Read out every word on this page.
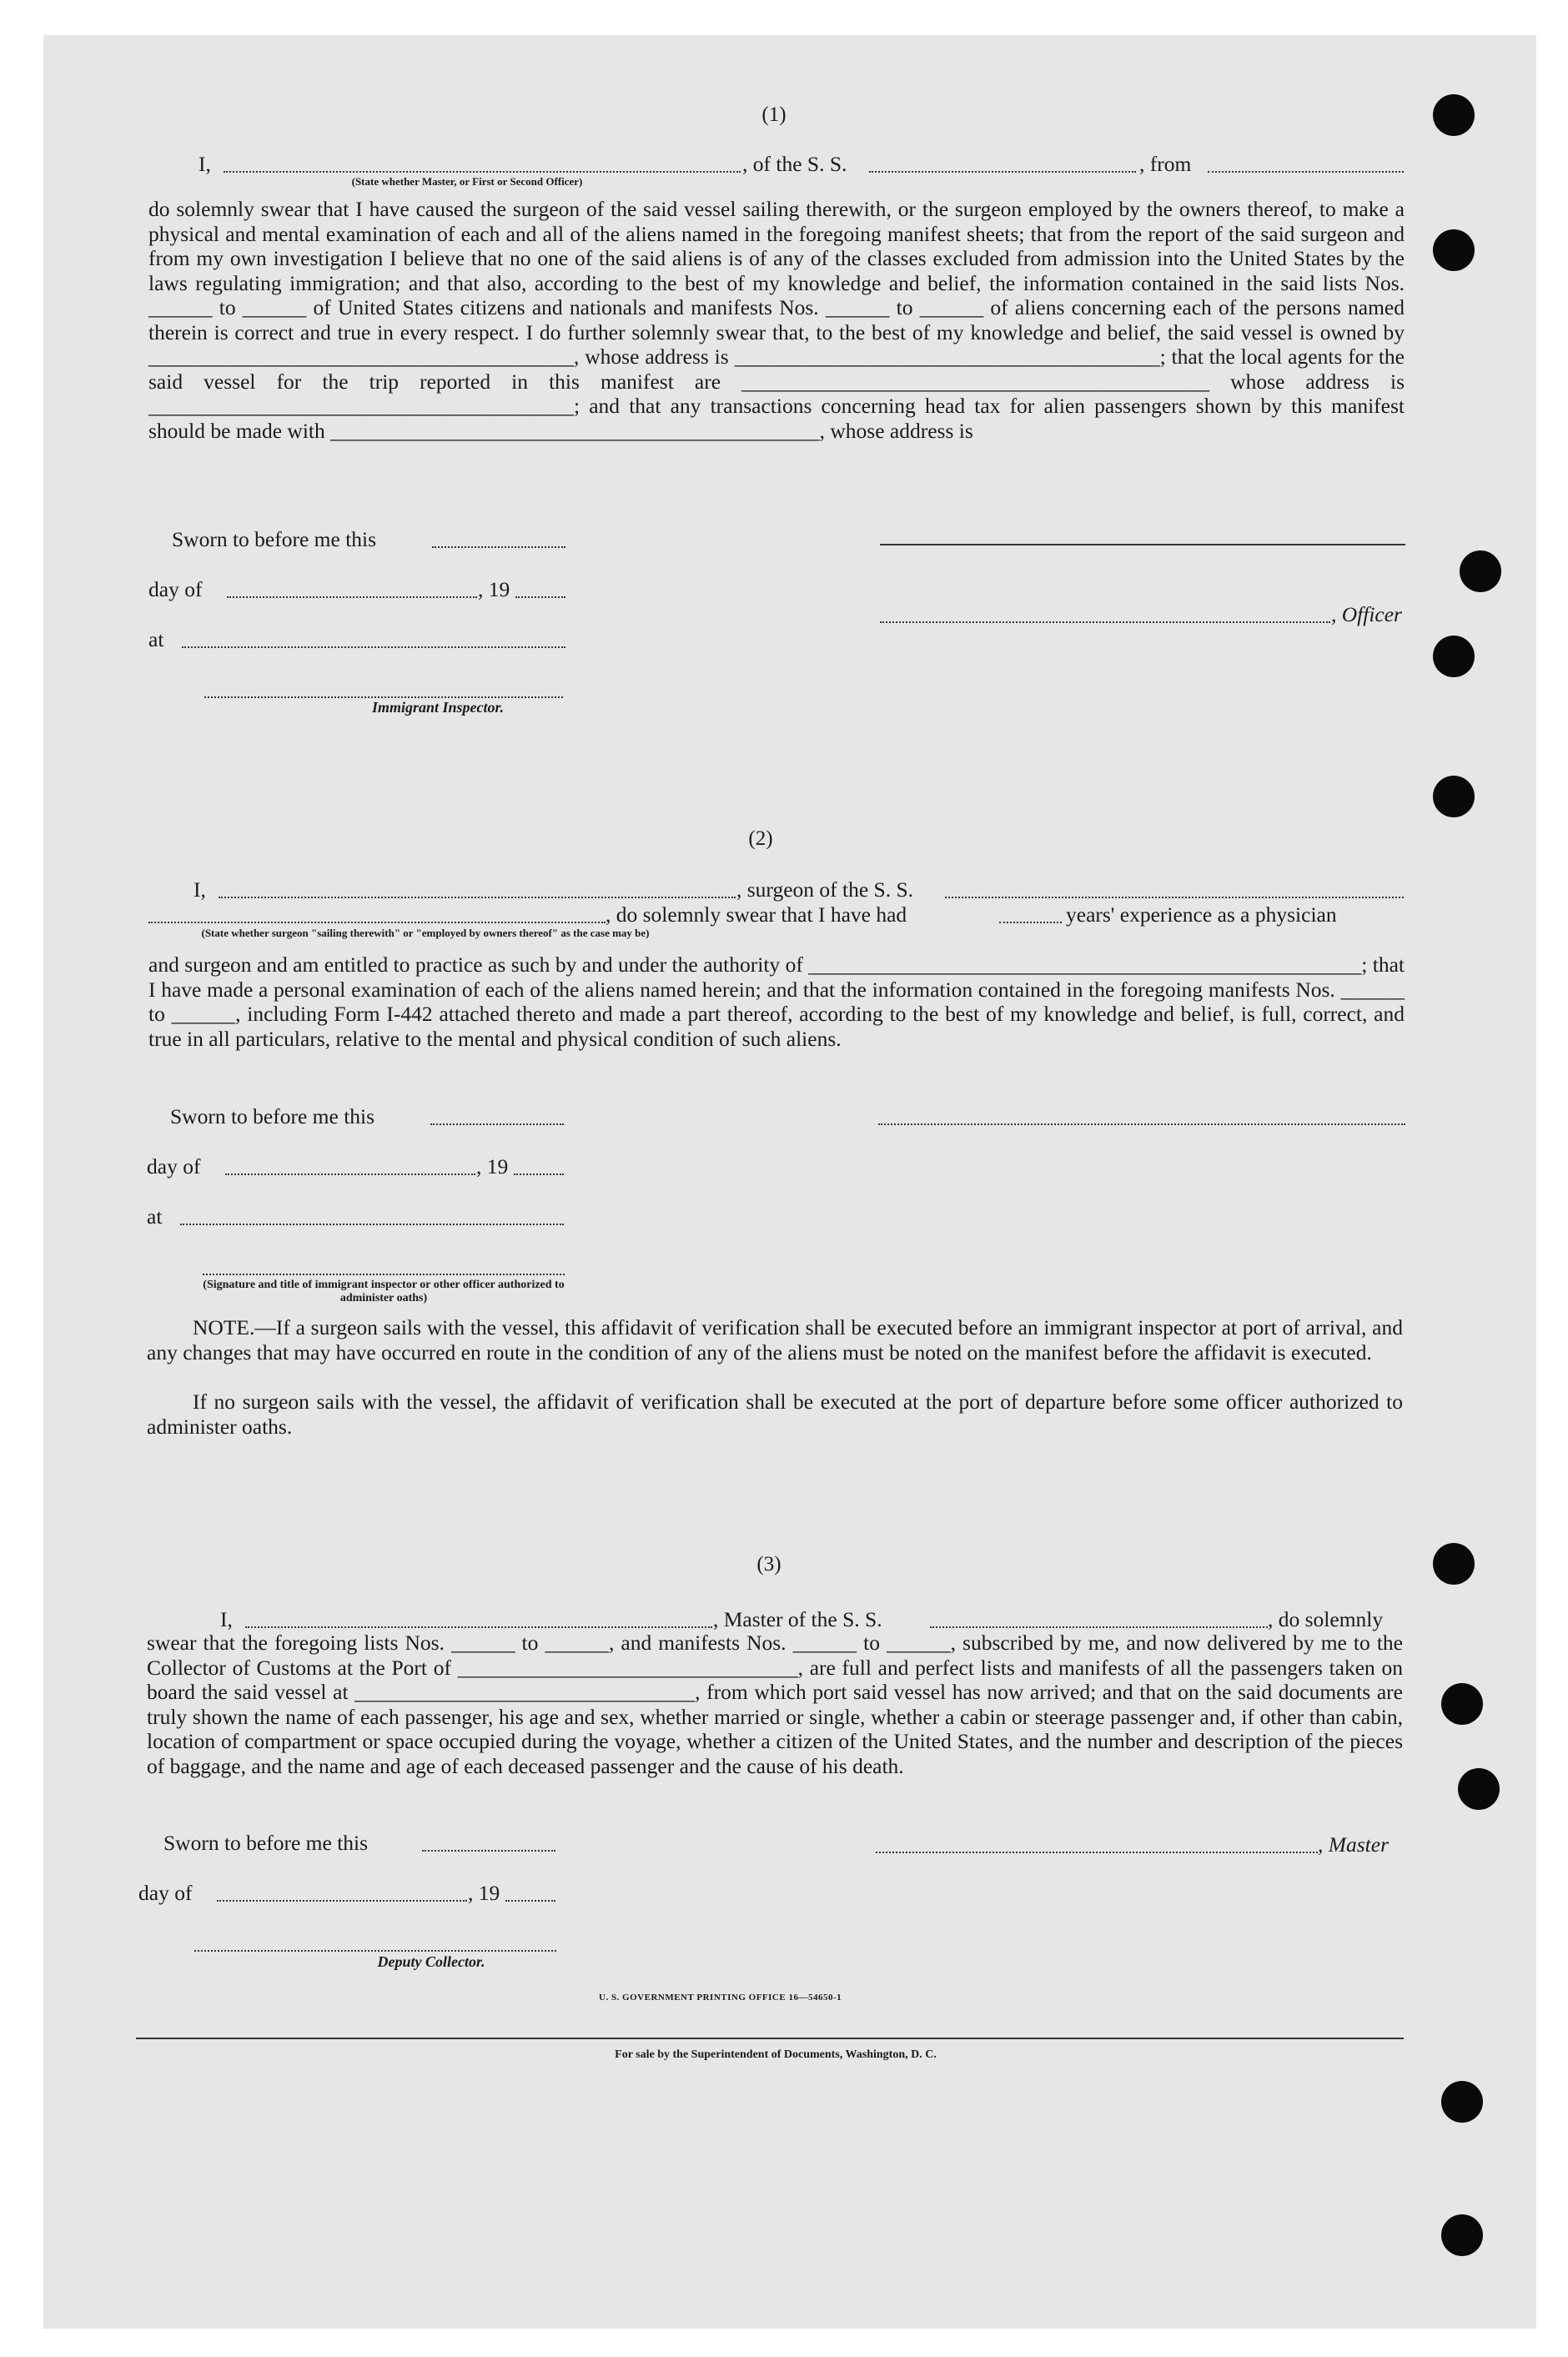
(1)
I,	, of the S. S.	, from
(State whether Master, or First or Second Officer)
do solemnly swear that I have caused the surgeon of the said vessel sailing therewith, or the surgeon employed by the owners thereof, to make a physical and mental examination of each and all of the aliens named in the foregoing manifest sheets; that from the report of the said surgeon and from my own investigation I believe that no one of the said aliens is of any of the classes excluded from admission into the United States by the laws regulating immigration; and that also, according to the best of my knowledge and belief, the information contained in the said lists Nos. ______ to ______ of United States citizens and nationals and manifests Nos. ______ to ______ of aliens concerning each of the persons named therein is correct and true in every respect. I do further solemnly swear that, to the best of my knowledge and belief, the said vessel is owned by ________________________________________, whose address is ________________________________________; that the local agents for the said vessel for the trip reported in this manifest are ____________________________________________ whose address is ________________________________________; and that any transactions concerning head tax for alien passengers shown by this manifest should be made with ______________________________________________, whose address is
Sworn to before me this
day of	, 19
, Officer
at
Immigrant Inspector.
(2)
I,	, surgeon of the S. S.
, do solemnly swear that I have had	years' experience as a physician
(State whether surgeon "sailing therewith" or "employed by owners thereof" as the case may be)
and surgeon and am entitled to practice as such by and under the authority of ____________________________________________________; that I have made a personal examination of each of the aliens named herein; and that the information contained in the foregoing manifests Nos. ______ to ______, including Form I-442 attached thereto and made a part thereof, according to the best of my knowledge and belief, is full, correct, and true in all particulars, relative to the mental and physical condition of such aliens.
Sworn to before me this
day of	, 19
at
(Signature and title of immigrant inspector or other officer authorized to administer oaths)
NOTE.—If a surgeon sails with the vessel, this affidavit of verification shall be executed before an immigrant inspector at port of arrival, and any changes that may have occurred en route in the condition of any of the aliens must be noted on the manifest before the affidavit is executed.
If no surgeon sails with the vessel, the affidavit of verification shall be executed at the port of departure before some officer authorized to administer oaths.
(3)
I,	, Master of the S. S.	, do solemnly
swear that the foregoing lists Nos. ______ to ______, and manifests Nos. ______ to ______, subscribed by me, and now delivered by me to the Collector of Customs at the Port of ________________________________, are full and perfect lists and manifests of all the passengers taken on board the said vessel at ________________________________, from which port said vessel has now arrived; and that on the said documents are truly shown the name of each passenger, his age and sex, whether married or single, whether a cabin or steerage passenger and, if other than cabin, location of compartment or space occupied during the voyage, whether a citizen of the United States, and the number and description of the pieces of baggage, and the name and age of each deceased passenger and the cause of his death.
Sworn to before me this	, Master
day of	, 19
Deputy Collector.
U. S. GOVERNMENT PRINTING OFFICE 16—54650-1
For sale by the Superintendent of Documents, Washington, D. C.
